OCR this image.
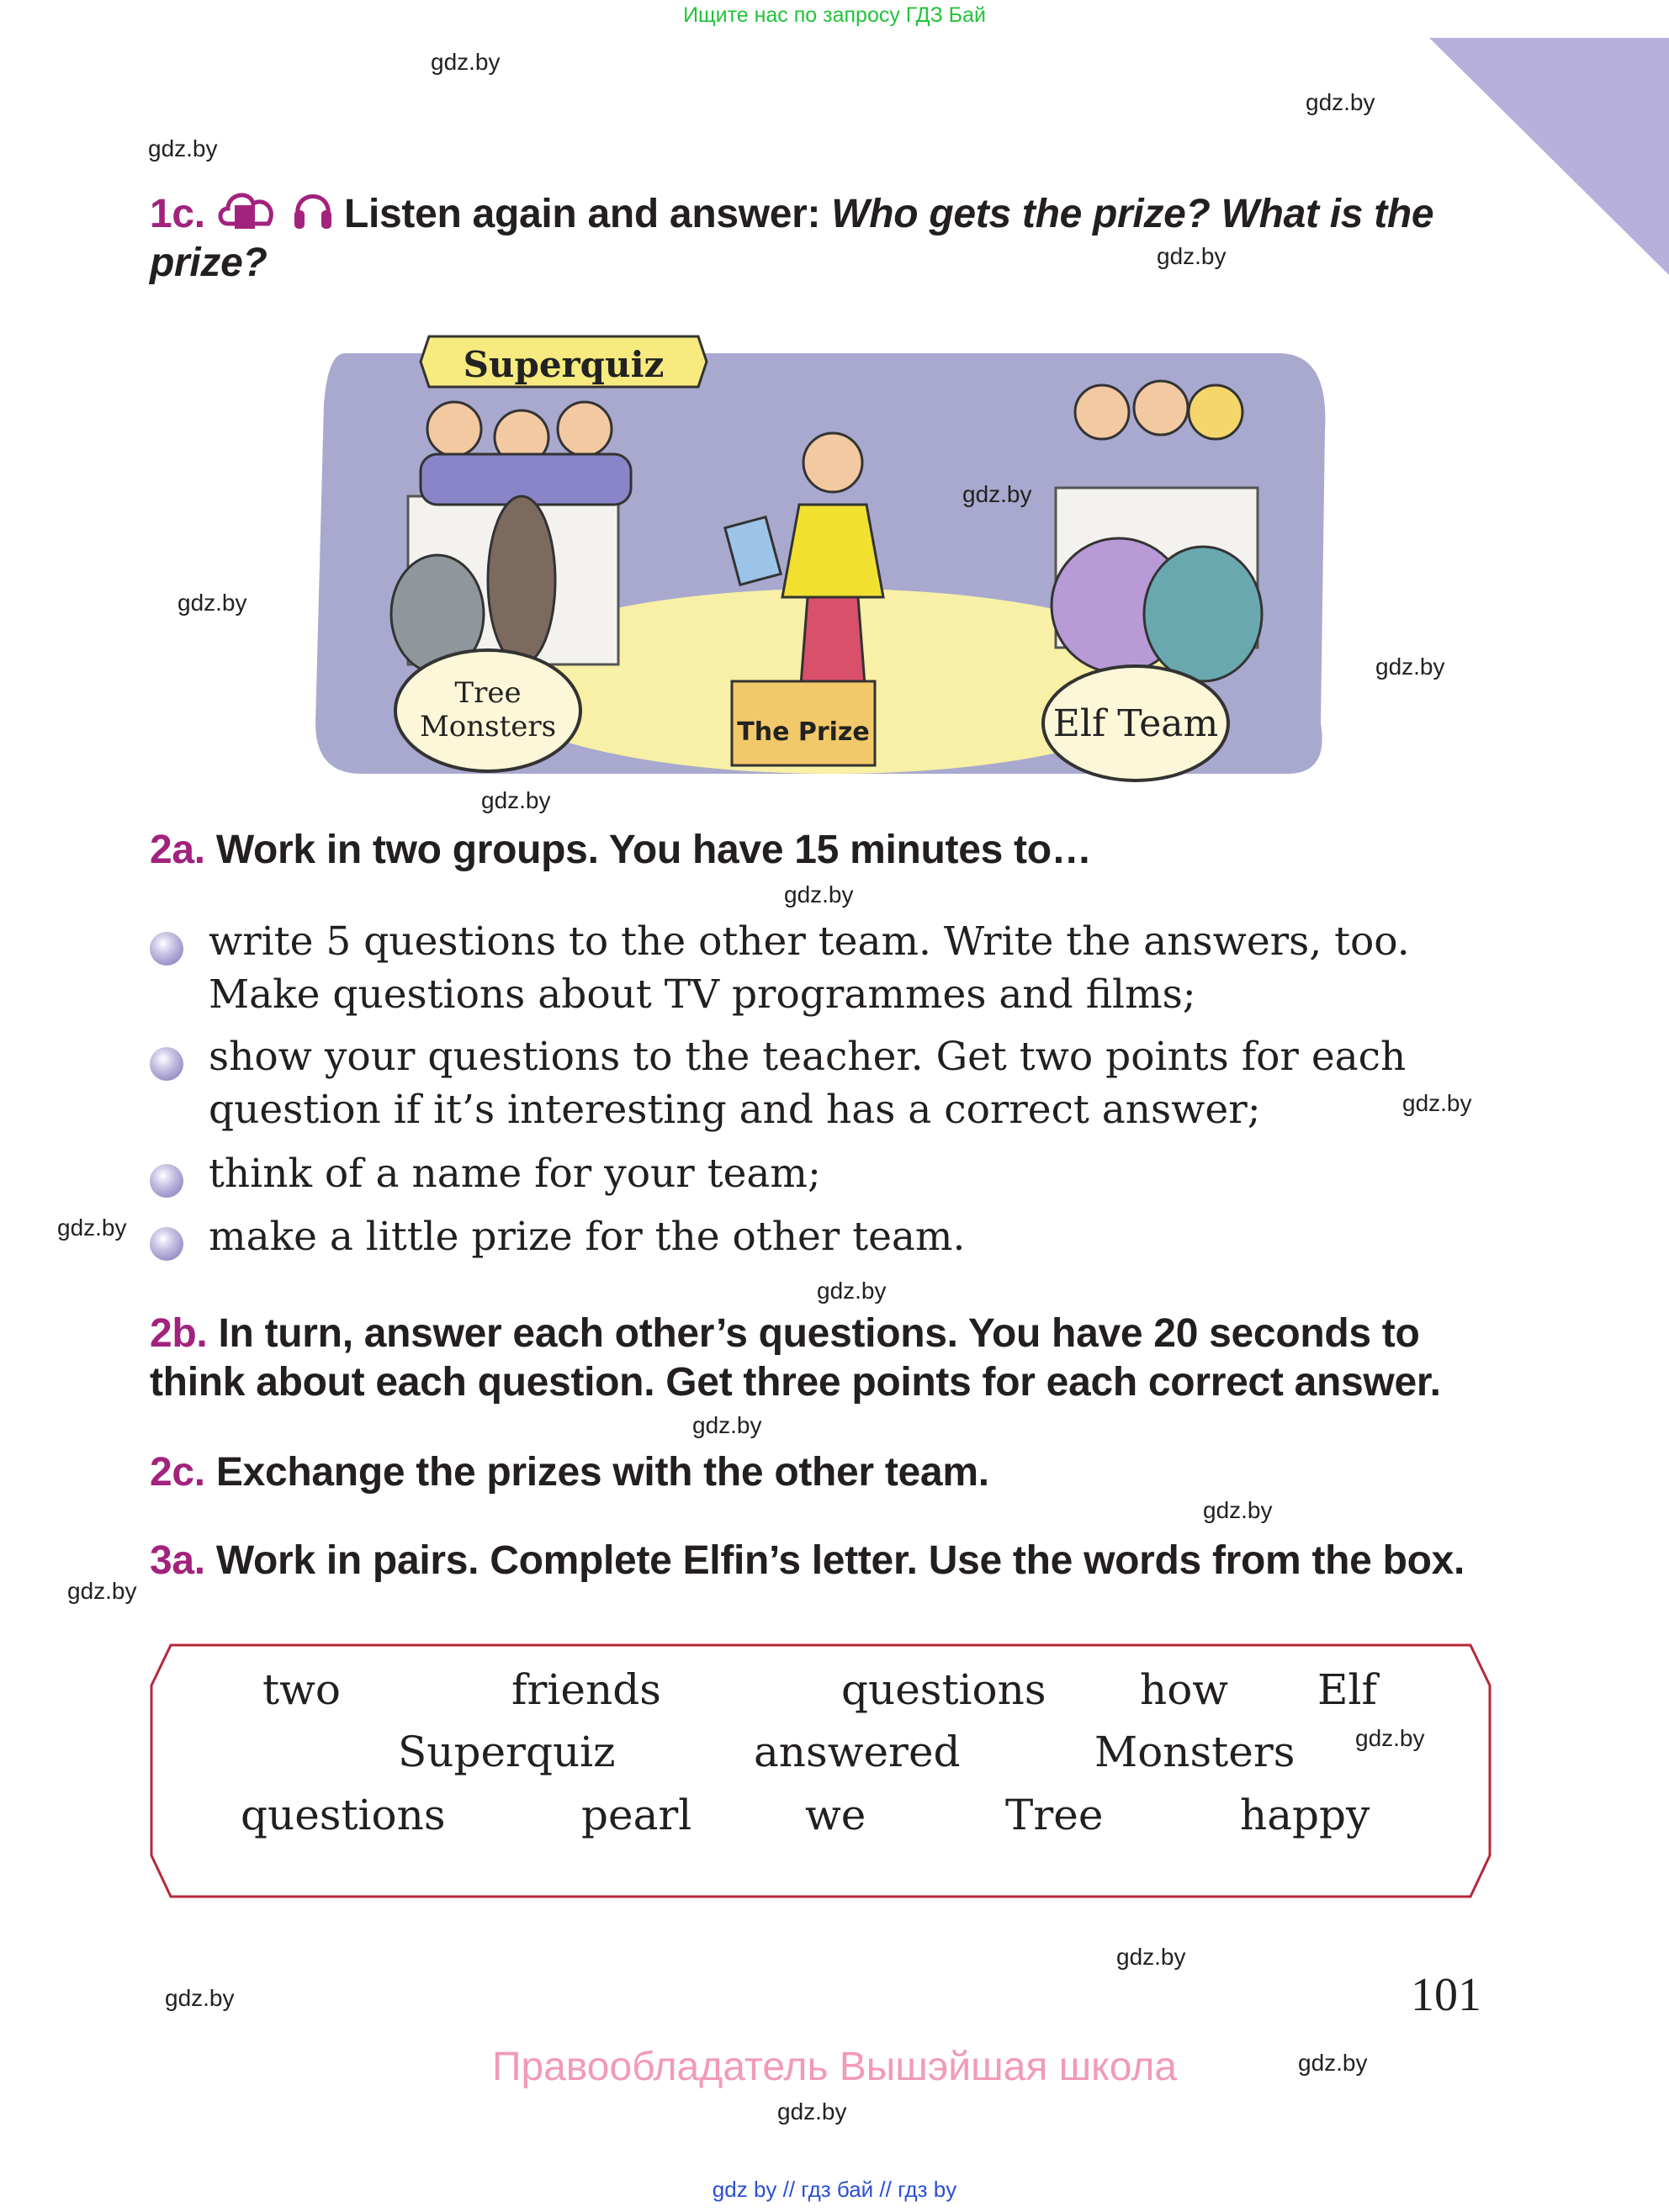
Ищите нас по запросу ГДЗ Бай
1c.	Listen again and answer: Who gets the prize? What is the
prize?
Superquiz
The Prize
Tree
Monsters	Elf Team
2a. Work in two groups. You have 15 minutes to…
write 5 questions to the other team. Write the answers, too.
Make questions about TV programmes and films;
show your questions to the teacher. Get two points for each
question if it’s interesting and has a correct answer;
think of a name for your team;
make a little prize for the other team.
2b. In turn, answer each other’s questions. You have 20 seconds to
think about each question. Get three points for each correct answer.
2c. Exchange the prizes with the other team.
3a. Work in pairs. Complete Elfin’s letter. Use the words from the box.
two	friends	questions how Elf
Superquiz	answered	Monsters
questions	pearl	we	Tree	happy
101
Правообладатель Вышэйшая школа
gdz by // гдз бай // гдз by
gdz.by
gdz.by
gdz.by
gdz.by
gdz.by
gdz.by
gdz.by
gdz.by
gdz.by
gdz.by
gdz.by
gdz.by
gdz.by
gdz.by
gdz.by
gdz.by
gdz.by
gdz.by
gdz.by
gdz.by
